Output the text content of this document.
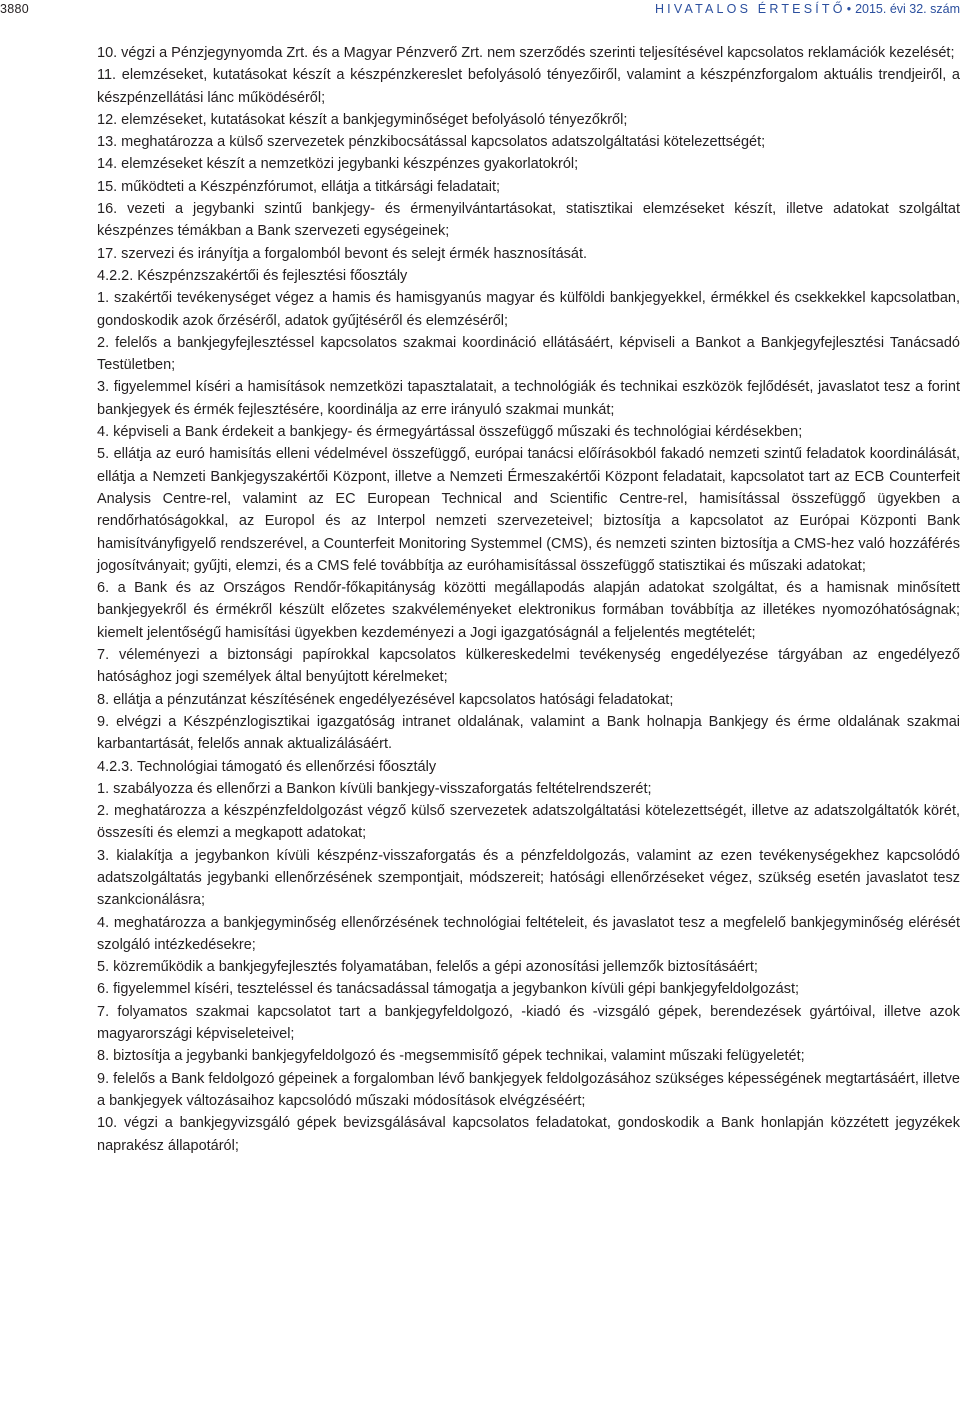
3880	HIVATALOS ÉRTESÍTŐ• 2015. évi 32. szám

10. végzi a Pénzjegynyomda Zrt. és a Magyar Pénzverő Zrt. nem szerződés szerinti teljesítésével kapcsolatos reklamációk kezelését;

11. elemzéseket, kutatásokat készít a készpénzkereslet befolyásoló tényezőiről, valamint a készpénzforgalom aktuális trendjeiről, a készpénzellátási lánc működéséről;

12. elemzéseket, kutatásokat készít a bankjegyminőséget befolyásoló tényezőkről;

13. meghatározza a külső szervezetek pénzkibocsátással kapcsolatos adatszolgáltatási kötelezettségét;

14. elemzéseket készít a nemzetközi jegybanki készpénzes gyakorlatokról;

15. működteti a Készpénzfórumot, ellátja a titkársági feladatait;

16. vezeti a jegybanki szintű bankjegy- és érmenyilvántartásokat, statisztikai elemzéseket készít, illetve adatokat szolgáltat készpénzes témákban a Bank szervezeti egységeinek;

17. szervezi és irányítja a forgalomból bevont és selejt érmék hasznosítását.

4.2.2. Készpénzszakértői és fejlesztési főosztály

1. szakértői tevékenységet végez a hamis és hamisgyanús magyar és külföldi bankjegyekkel, érmékkel és csekkekkel kapcsolatban, gondoskodik azok őrzéséről, adatok gyűjtéséről és elemzéséről;

2. felelős a bankjegyfejlesztéssel kapcsolatos szakmai koordináció ellátásáért, képviseli a Bankot a Bankjegyfejlesztési Tanácsadó Testületben;

3. figyelemmel kíséri a hamisítások nemzetközi tapasztalatait, a technológiák és technikai eszközök fejlődését, javaslatot tesz a forint bankjegyek és érmék fejlesztésére, koordinálja az erre irányuló szakmai munkát;

4. képviseli a Bank érdekeit a bankjegy- és érmegyártással összefüggő műszaki és technológiai kérdésekben;

5. ellátja az euró hamisítás elleni védelmével összefüggő, európai tanácsi előírásokból fakadó nemzeti szintű feladatok koordinálását, ellátja a Nemzeti Bankjegyszakértői Központ, illetve a Nemzeti Érmeszakértői Központ feladatait, kapcsolatot tart az ECB Counterfeit Analysis Centre-rel, valamint az EC European Technical and Scientific Centre-rel, hamisítással összefüggő ügyekben a rendőrhatóságokkal, az Europol és az Interpol nemzeti szervezeteivel; biztosítja a kapcsolatot az Európai Központi Bank hamisítványfigyelő rendszerével, a Counterfeit Monitoring Systemmel (CMS), és nemzeti szinten biztosítja a CMS-hez való hozzáférés jogosítványait; gyűjti, elemzi, és a CMS felé továbbítja az euróhamisítással összefüggő statisztikai és műszaki adatokat;

6. a Bank és az Országos Rendőr-főkapitányság közötti megállapodás alapján adatokat szolgáltat, és a hamisnak minősített bankjegyekről és érmékről készült előzetes szakvéleményeket elektronikus formában továbbítja az illetékes nyomozóhatóságnak; kiemelt jelentőségű hamisítási ügyekben kezdeményezi a Jogi igazgatóságnál a feljelentés megtételét;

7. véleményezi a biztonsági papírokkal kapcsolatos külkereskedelmi tevékenység engedélyezése tárgyában az engedélyező hatósághoz jogi személyek által benyújtott kérelmeket;

8. ellátja a pénzutánzat készítésének engedélyezésével kapcsolatos hatósági feladatokat;

9. elvégzi a Készpénzlogisztikai igazgatóság intranet oldalának, valamint a Bank holnapja Bankjegy és érme oldalának szakmai karbantartását, felelős annak aktualizálásáért.

4.2.3. Technológiai támogató és ellenőrzési főosztály

1. szabályozza és ellenőrzi a Bankon kívüli bankjegy-visszaforgatás feltételrendszerét;

2. meghatározza a készpénzfeldolgozást végző külső szervezetek adatszolgáltatási kötelezettségét, illetve az adatszolgáltatók körét, összesíti és elemzi a megkapott adatokat;

3. kialakítja a jegybankon kívüli készpénz-visszaforgatás és a pénzfeldolgozás, valamint az ezen tevékenységekhez kapcsolódó adatszolgáltatás jegybanki ellenőrzésének szempontjait, módszereit; hatósági ellenőrzéseket végez, szükség esetén javaslatot tesz szankcionálásra;

4. meghatározza a bankjegyminőség ellenőrzésének technológiai feltételeit, és javaslatot tesz a megfelelő bankjegyminőség elérését szolgáló intézkedésekre;

5. közreműködik a bankjegyfejlesztés folyamatában, felelős a gépi azonosítási jellemzők biztosításáért;

6. figyelemmel kíséri, teszteléssel és tanácsadással támogatja a jegybankon kívüli gépi bankjegyfeldolgozást;

7. folyamatos szakmai kapcsolatot tart a bankjegyfeldolgozó, -kiadó és -vizsgáló gépek, berendezések gyártóival, illetve azok magyarországi képviseleteivel;

8. biztosítja a jegybanki bankjegyfeldolgozó és -megsemmisítő gépek technikai, valamint műszaki felügyeletét;

9. felelős a Bank feldolgozó gépeinek a forgalomban lévő bankjegyek feldolgozásához szükséges képességének megtartásáért, illetve a bankjegyek változásaihoz kapcsolódó műszaki módosítások elvégzéséért;

10. végzi a bankjegyvizsgáló gépek bevizsgálásával kapcsolatos feladatokat, gondoskodik a Bank honlapján közzétett jegyzékek naprakész állapotáról;
